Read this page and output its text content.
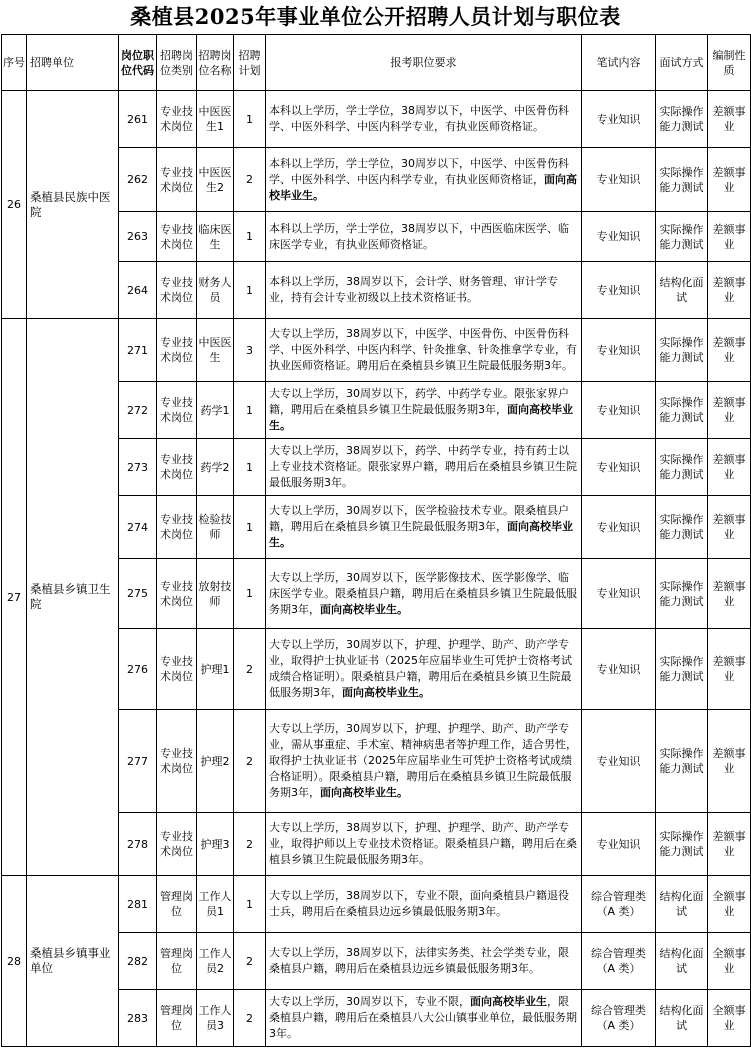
桑植县2025年事业单位公开招聘人员计划与职位表
序号	招聘单位	岗位职位代码	招聘岗位类别	招聘岗位名称	招聘计划	报考职位要求	笔试内容	面试方式	编制性质
26	桑植县民族中医院	261	专业技术岗位	中医医生1	1	本科以上学历，学士学位，38周岁以下，中医学、中医骨伤科学、中医外科学、中医内科学专业，有执业医师资格证。	专业知识	实际操作能力测试	差额事业
		262	专业技术岗位	中医医生2	2	本科以上学历，学士学位，30周岁以下，中医学、中医骨伤科学、中医外科学、中医内科学专业，有执业医师资格证，面向高校毕业生。	专业知识	实际操作能力测试	差额事业
		263	专业技术岗位	临床医生	1	本科以上学历，学士学位，38周岁以下，中西医临床医学、临床医学专业，有执业医师资格证。	专业知识	实际操作能力测试	差额事业
		264	专业技术岗位	财务人员	1	本科以上学历，38周岁以下，会计学、财务管理、审计学专业，持有会计专业初级以上技术资格证书。	专业知识	结构化面试	差额事业
27	桑植县乡镇卫生院	271	专业技术岗位	中医医生	3	大专以上学历，38周岁以下，中医学、中医骨伤、中医骨伤科学、中医外科学、中医内科学、针灸推拿、针灸推拿学专业，有执业医师资格证。聘用后在桑植县乡镇卫生院最低服务期3年。	专业知识	实际操作能力测试	差额事业
		272	专业技术岗位	药学1	1	大专以上学历，30周岁以下，药学、中药学专业。限张家界户籍，聘用后在桑植县乡镇卫生院最低服务期3年，面向高校毕业生。	专业知识	实际操作能力测试	差额事业
		273	专业技术岗位	药学2	1	大专以上学历，38周岁以下，药学、中药学专业，持有药士以上专业技术资格证。限张家界户籍，聘用后在桑植县乡镇卫生院最低服务期3年。	专业知识	实际操作能力测试	差额事业
		274	专业技术岗位	检验技师	1	大专以上学历，30周岁以下，医学检验技术专业。限桑植县户籍，聘用后在桑植县乡镇卫生院最低服务期3年，面向高校毕业生。	专业知识	实际操作能力测试	差额事业
		275	专业技术岗位	放射技师	1	大专以上学历，30周岁以下，医学影像技术、医学影像学、临床医学专业。限桑植县户籍，聘用后在桑植县乡镇卫生院最低服务期3年，面向高校毕业生。	专业知识	实际操作能力测试	差额事业
		276	专业技术岗位	护理1	2	大专以上学历，30周岁以下，护理、护理学、助产、助产学专业，取得护士执业证书（2025年应届毕业生可凭护士资格考试成绩合格证明）。限桑植县户籍，聘用后在桑植县乡镇卫生院最低服务期3年，面向高校毕业生。	专业知识	实际操作能力测试	差额事业
		277	专业技术岗位	护理2	2	大专以上学历，30周岁以下，护理、护理学、助产、助产学专业，需从事重症、手术室、精神病患者等护理工作，适合男性，取得护士执业证书（2025年应届毕业生可凭护士资格考试成绩合格证明）。限桑植县户籍，聘用后在桑植县乡镇卫生院最低服务期3年，面向高校毕业生。	专业知识	实际操作能力测试	差额事业
		278	专业技术岗位	护理3	2	大专以上学历，38周岁以下，护理、护理学、助产、助产学专业，取得护师以上专业技术资格证。限桑植县户籍，聘用后在桑植县乡镇卫生院最低服务期3年。	专业知识	实际操作能力测试	差额事业
28	桑植县乡镇事业单位	281	管理岗位	工作人员1	1	大专以上学历，38周岁以下，专业不限，面向桑植县户籍退役士兵，聘用后在桑植县边远乡镇最低服务期3年。	综合管理类（A 类）	结构化面试	全额事业
		282	管理岗位	工作人员2	2	大专以上学历，38周岁以下，法律实务类、社会学类专业，限桑植县户籍，聘用后在桑植县边远乡镇最低服务期3年。	综合管理类（A 类）	结构化面试	全额事业
		283	管理岗位	工作人员3	2	大专以上学历，30周岁以下，专业不限，面向高校毕业生，限桑植县户籍，聘用后在桑植县八大公山镇事业单位，最低服务期3年。	综合管理类（A 类）	结构化面试	全额事业
